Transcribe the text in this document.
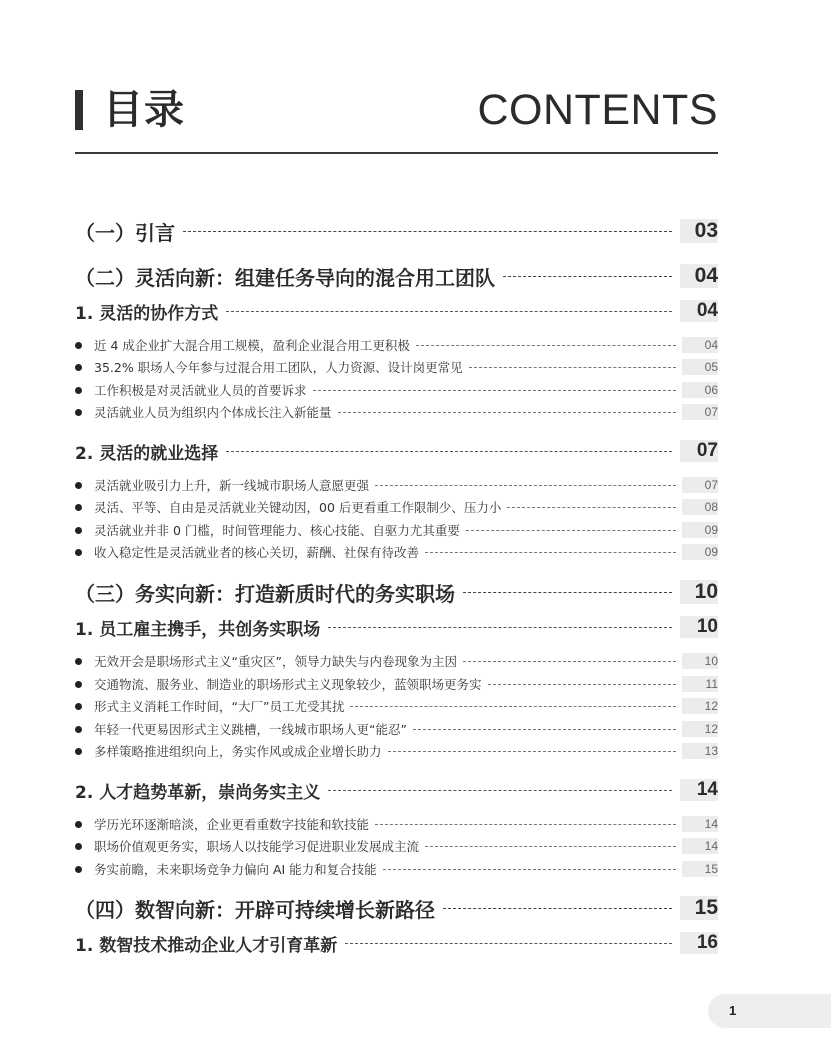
目录	CONTENTS
（一）引言	03
（二）灵活向新：组建任务导向的混合用工团队	04
1. 灵活的协作方式	04
近 4 成企业扩大混合用工规模，盈利企业混合用工更积极	04
35.2% 职场人今年参与过混合用工团队，人力资源、设计岗更常见	05
工作积极是对灵活就业人员的首要诉求	06
灵活就业人员为组织内个体成长注入新能量	07
2. 灵活的就业选择	07
灵活就业吸引力上升，新一线城市职场人意愿更强	07
灵活、平等、自由是灵活就业关键动因，00 后更看重工作限制少、压力小	08
灵活就业并非 0 门槛，时间管理能力、核心技能、自驱力尤其重要	09
收入稳定性是灵活就业者的核心关切，薪酬、社保有待改善	09
（三）务实向新：打造新质时代的务实职场	10
1. 员工雇主携手，共创务实职场	10
无效开会是职场形式主义“重灾区”，领导力缺失与内卷现象为主因	10
交通物流、服务业、制造业的职场形式主义现象较少，蓝领职场更务实	11
形式主义消耗工作时间，“大厂”员工尤受其扰	12
年轻一代更易因形式主义跳槽，一线城市职场人更“能忍”	12
多样策略推进组织向上，务实作风或成企业增长助力	13
2. 人才趋势革新，崇尚务实主义	14
学历光环逐渐暗淡，企业更看重数字技能和软技能	14
职场价值观更务实，职场人以技能学习促进职业发展成主流	14
务实前瞻，未来职场竞争力偏向 AI 能力和复合技能	15
（四）数智向新：开辟可持续增长新路径	15
1. 数智技术推动企业人才引育革新	16
1
